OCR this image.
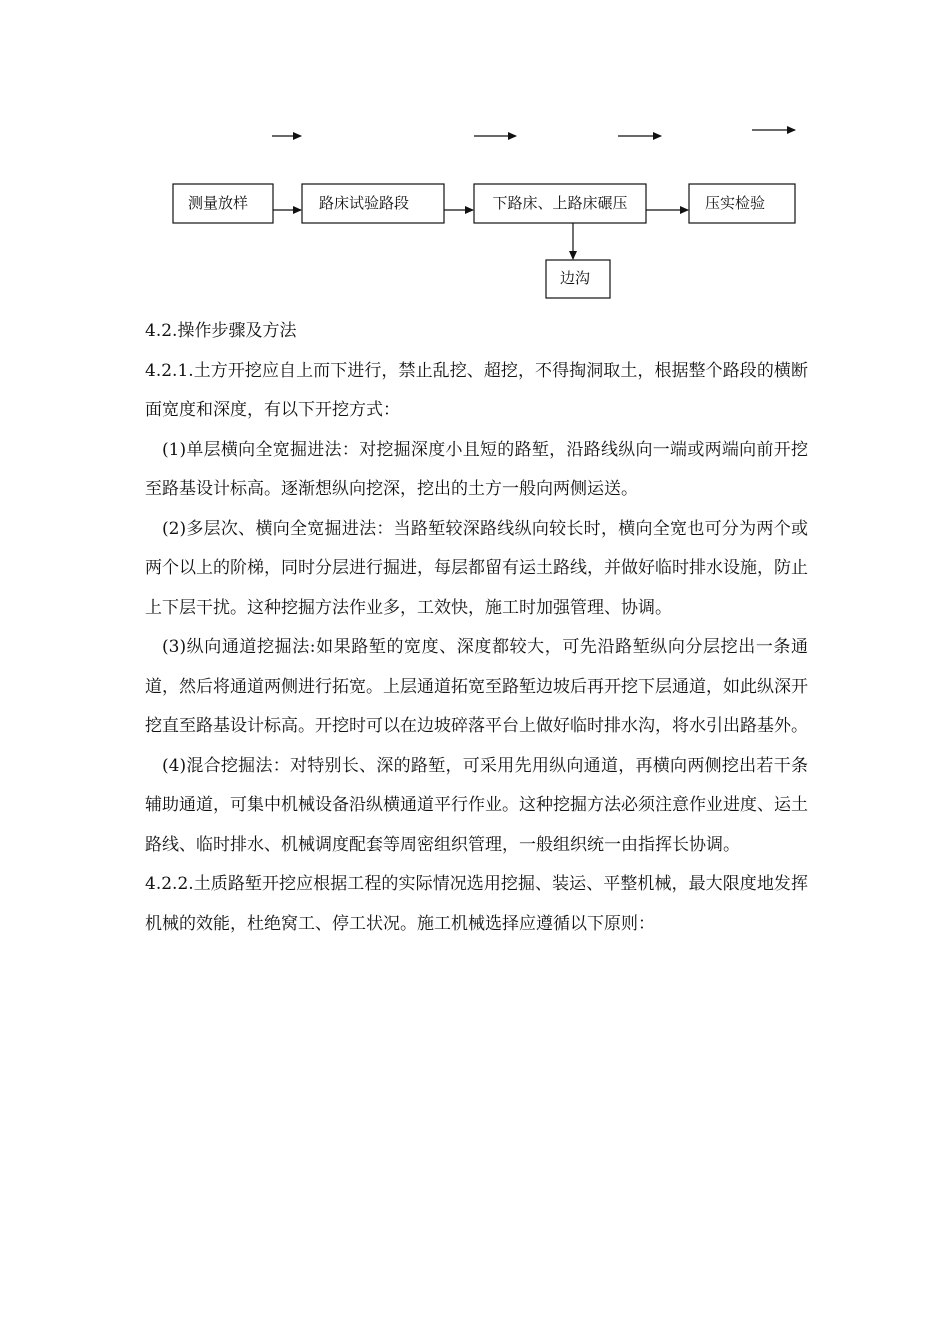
测量放样	路床试验路段	下路床、上路床碾压	压实检验
边沟

4.2.操作步骤及方法

4.2.1.土方开挖应自上而下进行，禁止乱挖、超挖，不得掏洞取土，根据整个路段的横断面宽度和深度，有以下开挖方式：

(1)单层横向全宽掘进法：对挖掘深度小且短的路堑，沿路线纵向一端或两端向前开挖至路基设计标高。逐渐想纵向挖深，挖出的土方一般向两侧运送。

(2)多层次、横向全宽掘进法：当路堑较深路线纵向较长时，横向全宽也可分为两个或两个以上的阶梯，同时分层进行掘进，每层都留有运土路线，并做好临时排水设施，防止上下层干扰。这种挖掘方法作业多，工效快，施工时加强管理、协调。

(3)纵向通道挖掘法:如果路堑的宽度、深度都较大，可先沿路堑纵向分层挖出一条通道，然后将通道两侧进行拓宽。上层通道拓宽至路堑边坡后再开挖下层通道，如此纵深开挖直至路基设计标高。开挖时可以在边坡碎落平台上做好临时排水沟，将水引出路基外。

(4)混合挖掘法：对特别长、深的路堑，可采用先用纵向通道，再横向两侧挖出若干条辅助通道，可集中机械设备沿纵横通道平行作业。这种挖掘方法必须注意作业进度、运土路线、临时排水、机械调度配套等周密组织管理，一般组织统一由指挥长协调。

4.2.2.土质路堑开挖应根据工程的实际情况选用挖掘、装运、平整机械，最大限度地发挥机械的效能，杜绝窝工、停工状况。施工机械选择应遵循以下原则：
